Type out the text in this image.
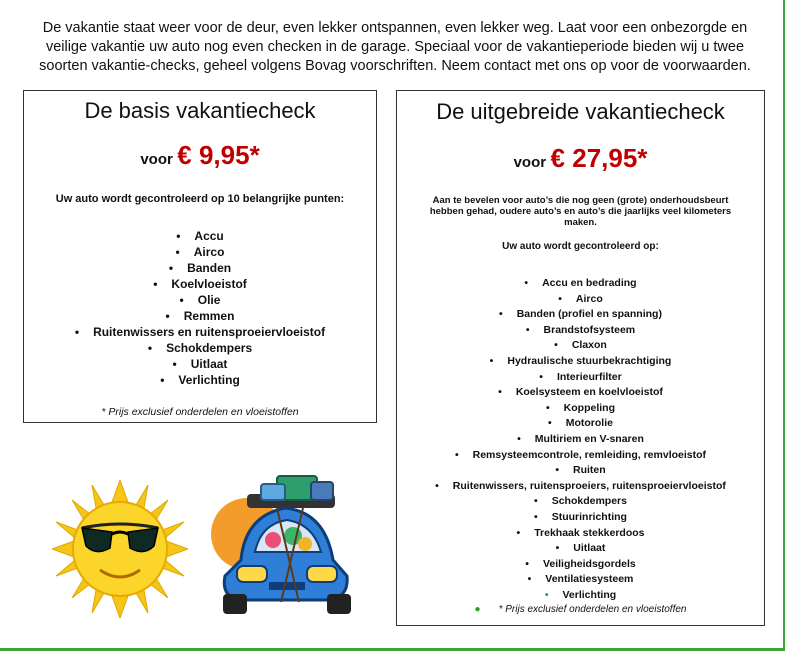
De vakantie staat weer voor de deur, even lekker ontspannen, even lekker weg. Laat voor een onbezorgde en veilige vakantie uw auto nog even checken in de garage. Speciaal voor de vakantieperiode bieden wij u twee soorten vakantie-checks, geheel volgens Bovag voorschriften. Neem contact met ons op voor de voorwaarden.
De basis vakantiecheck
voor € 9,95*
Uw auto wordt gecontroleerd op 10 belangrijke punten:
• Accu
• Airco
• Banden
• Koelvloeistof
• Olie
• Remmen
• Ruitenwissers en ruitensproeiervloeistof
• Schokdempers
• Uitlaat
• Verlichting
* Prijs exclusief onderdelen en vloeistoffen
De uitgebreide vakantiecheck
voor € 27,95*
Aan te bevelen voor auto’s die nog geen (grote) onderhoudsbeurt hebben gehad, oudere auto’s en auto’s die jaarlijks veel kilometers maken.
Uw auto wordt gecontroleerd op:
• Accu en bedrading
• Airco
• Banden (profiel en spanning)
• Brandstofsysteem
• Claxon
• Hydraulische stuurbekrachtiging
• Interieurfilter
• Koelsysteem en koelvloeistof
• Koppeling
• Motorolie
• Multiriem en V-snaren
• Remsysteemcontrole, remleiding, remvloeistof
• Ruiten
• Ruitenwissers, ruitensproeiers, ruitensproeiervloeistof
• Schokdempers
• Stuurinrichting
• Trekhaak stekkerdoos
• Uitlaat
• Veiligheidsgordels
• Ventilatiesysteem
• Verlichting
● * Prijs exclusief onderdelen en vloeistoffen
